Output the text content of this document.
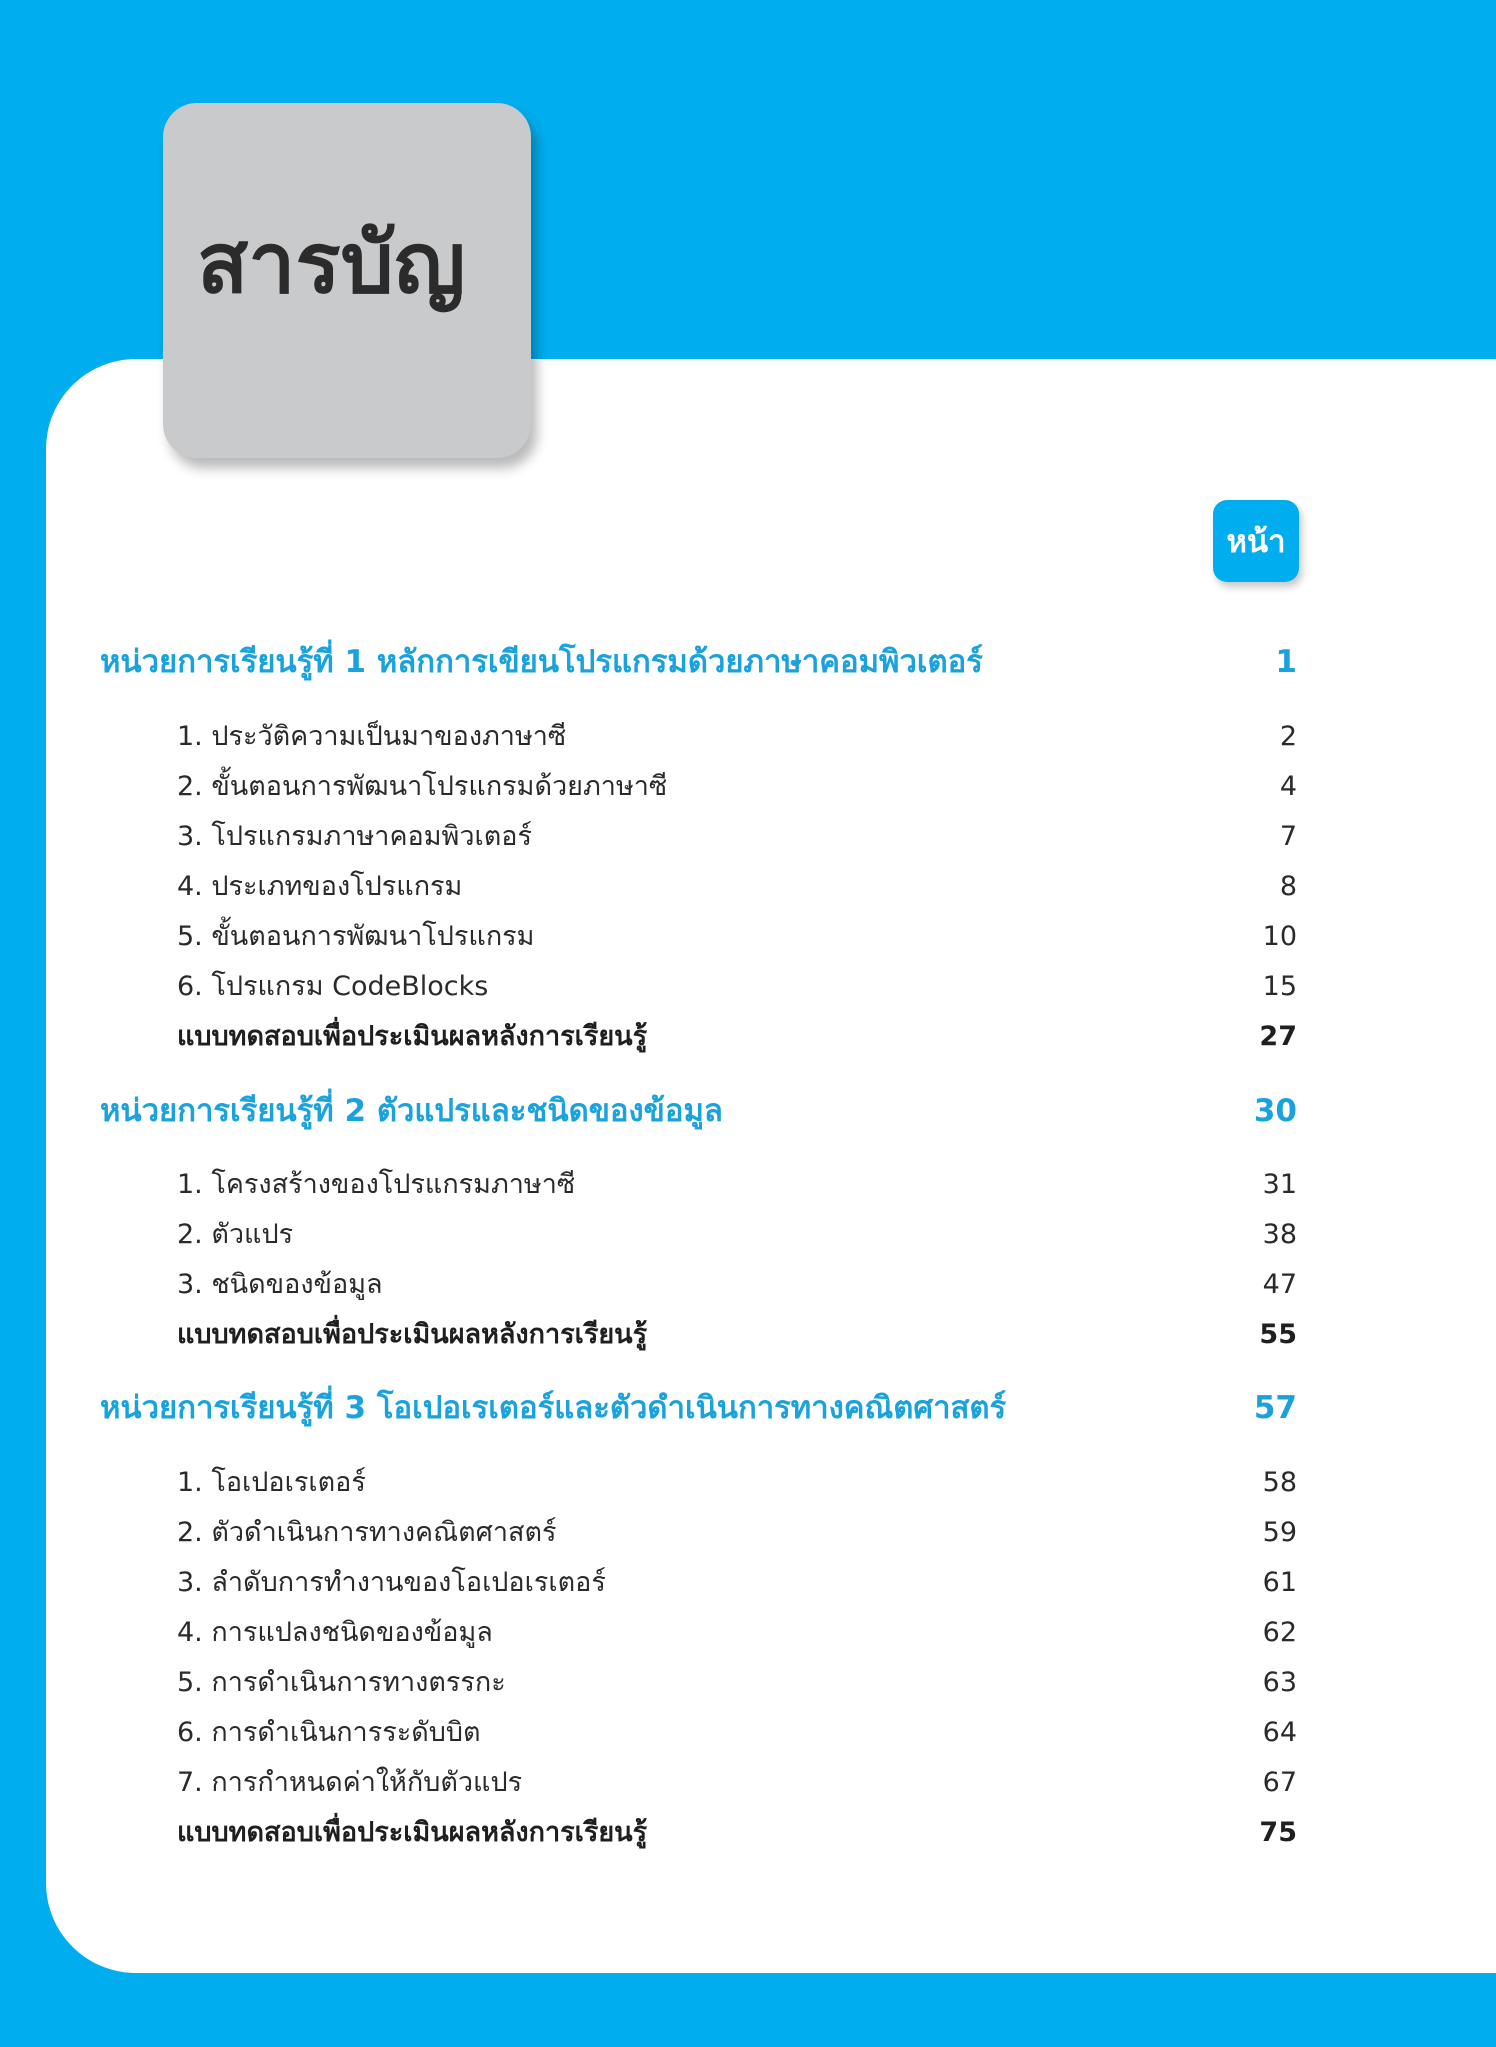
สารบัญ
หน้า
หน่วยการเรียนรู้ที่ 1 หลักการเขียนโปรแกรมด้วยภาษาคอมพิวเตอร์	1
1. ประวัติความเป็นมาของภาษาซี	2
2. ขั้นตอนการพัฒนาโปรแกรมด้วยภาษาซี	4
3. โปรแกรมภาษาคอมพิวเตอร์	7
4. ประเภทของโปรแกรม	8
5. ขั้นตอนการพัฒนาโปรแกรม	10
6. โปรแกรม CodeBlocks	15
แบบทดสอบเพื่อประเมินผลหลังการเรียนรู้	27
หน่วยการเรียนรู้ที่ 2 ตัวแปรและชนิดของข้อมูล	30
1. โครงสร้างของโปรแกรมภาษาซี	31
2. ตัวแปร	38
3. ชนิดของข้อมูล	47
แบบทดสอบเพื่อประเมินผลหลังการเรียนรู้	55
หน่วยการเรียนรู้ที่ 3 โอเปอเรเตอร์และตัวดำเนินการทางคณิตศาสตร์	57
1. โอเปอเรเตอร์	58
2. ตัวดำเนินการทางคณิตศาสตร์	59
3. ลำดับการทำงานของโอเปอเรเตอร์	61
4. การแปลงชนิดของข้อมูล	62
5. การดำเนินการทางตรรกะ	63
6. การดำเนินการระดับบิต	64
7. การกำหนดค่าให้กับตัวแปร	67
แบบทดสอบเพื่อประเมินผลหลังการเรียนรู้	75
